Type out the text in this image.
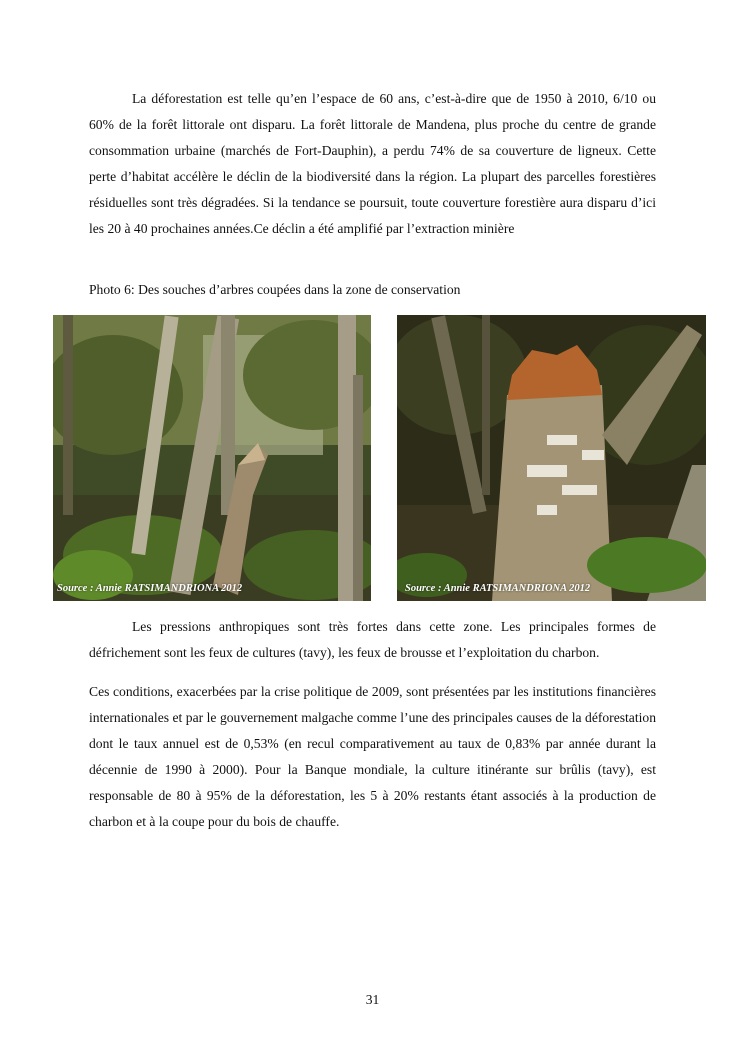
La déforestation est telle qu’en l’espace de 60 ans, c’est-à-dire que de 1950 à 2010, 6/10 ou 60% de la forêt littorale ont disparu. La forêt littorale de Mandena, plus proche du centre de grande consommation urbaine (marchés de Fort-Dauphin), a perdu 74% de sa couverture de ligneux. Cette perte d’habitat accélère le déclin de la biodiversité dans la région. La plupart des parcelles forestières résiduelles sont très dégradées. Si la tendance se poursuit, toute couverture forestière aura disparu d’ici les 20 à 40 prochaines années.Ce déclin a été amplifié par l’extraction minière

Photo 6: Des souches d’arbres coupées dans la zone de conservation

Source : Annie RATSIMANDRIONA 2012	Source : Annie RATSIMANDRIONA 2012

Les pressions anthropiques sont très fortes dans cette zone. Les principales formes de défrichement sont les feux de cultures (tavy), les feux de brousse et l’exploitation du charbon.

Ces conditions, exacerbées par la crise politique de 2009, sont présentées par les institutions financières internationales et par le gouvernement malgache comme l’une des principales causes de la déforestation dont le taux annuel est de 0,53% (en recul comparativement au taux de 0,83% par année durant la décennie de 1990 à 2000). Pour la Banque mondiale, la culture itinérante sur brûlis (tavy), est responsable de 80 à 95% de la déforestation, les 5 à 20% restants étant associés à la production de charbon et à la coupe pour du bois de chauffe.

31
